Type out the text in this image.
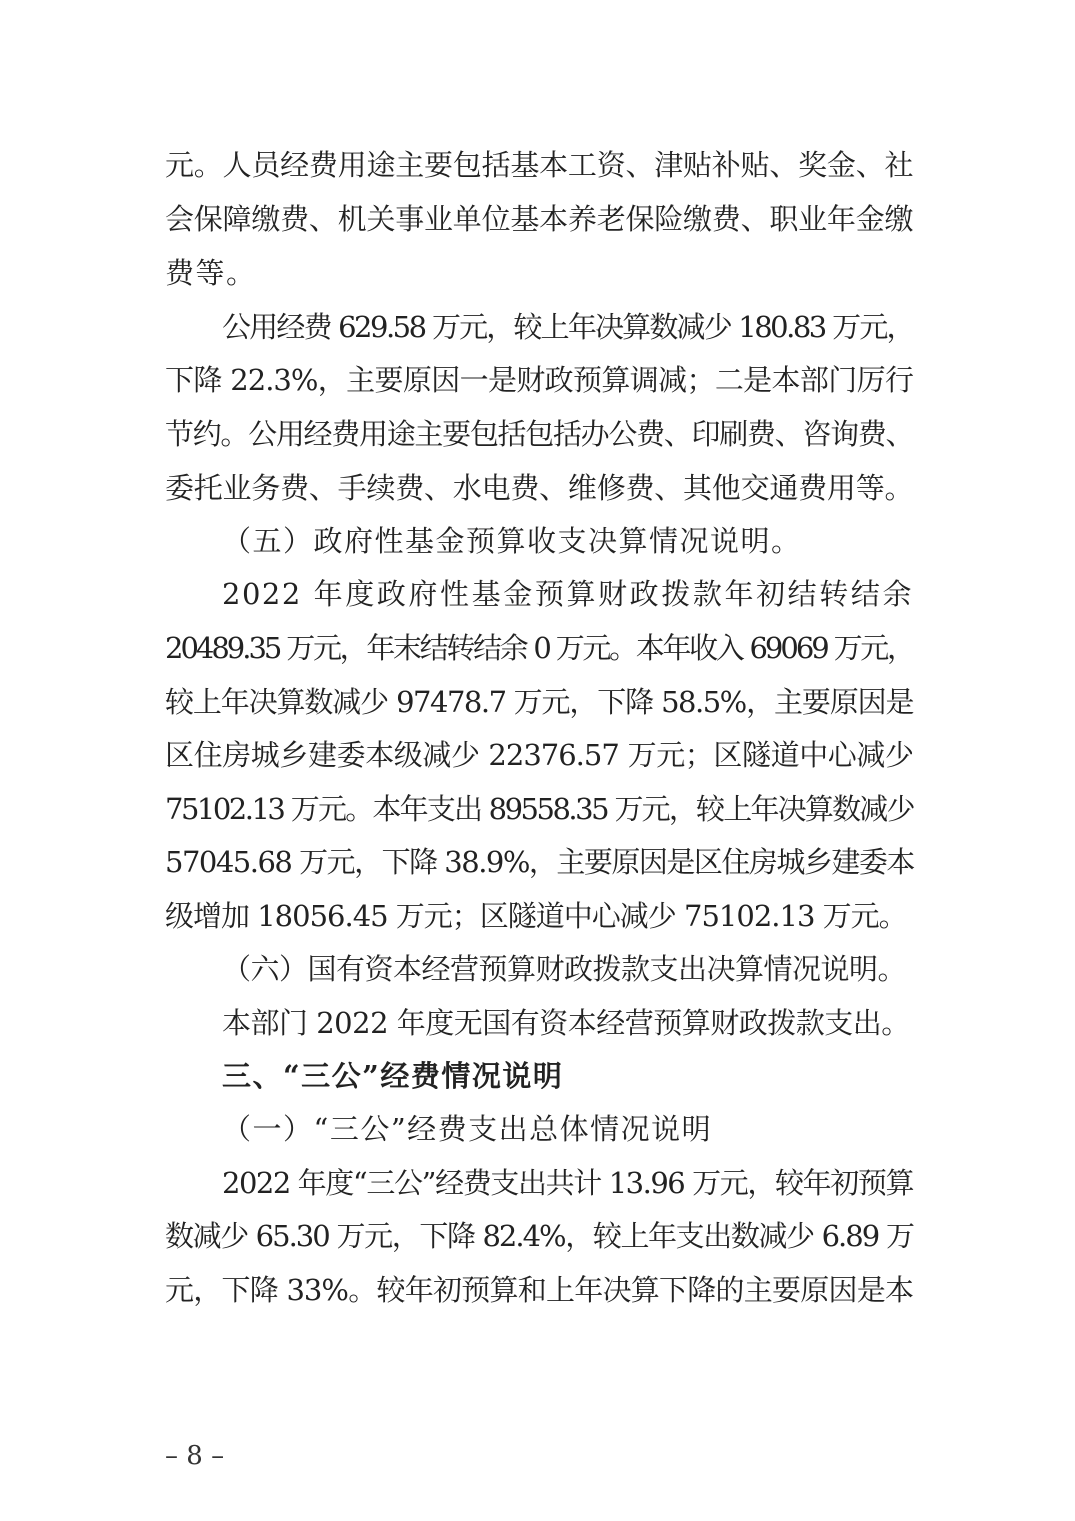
元。人员经费用途主要包括基本工资、津贴补贴、奖金、社
会保障缴费、机关事业单位基本养老保险缴费、职业年金缴
费等。
公用经费 629.58 万元，较上年决算数减少 180.83 万元，
下降 22.3%，主要原因一是财政预算调减；二是本部门厉行
节约。公用经费用途主要包括包括办公费、印刷费、咨询费、
委托业务费、手续费、水电费、维修费、其他交通费用等。
（五）政府性基金预算收支决算情况说明。
2022 年度政府性基金预算财政拨款年初结转结余
20489.35 万元，年末结转结余 0 万元。本年收入 69069 万元，
较上年决算数减少 97478.7 万元，下降 58.5%，主要原因是
区住房城乡建委本级减少 22376.57 万元；区隧道中心减少
75102.13 万元。本年支出 89558.35 万元，较上年决算数减少
57045.68 万元，下降 38.9%，主要原因是区住房城乡建委本
级增加 18056.45 万元；区隧道中心减少 75102.13 万元。
（六）国有资本经营预算财政拨款支出决算情况说明。
本部门 2022 年度无国有资本经营预算财政拨款支出。
三、“三公”经费情况说明
（一）“三公”经费支出总体情况说明
2022 年度“三公”经费支出共计 13.96 万元，较年初预算
数减少 65.30 万元，下降 82.4%，较上年支出数减少 6.89 万
元，下降 33%。较年初预算和上年决算下降的主要原因是本
– 8 –
